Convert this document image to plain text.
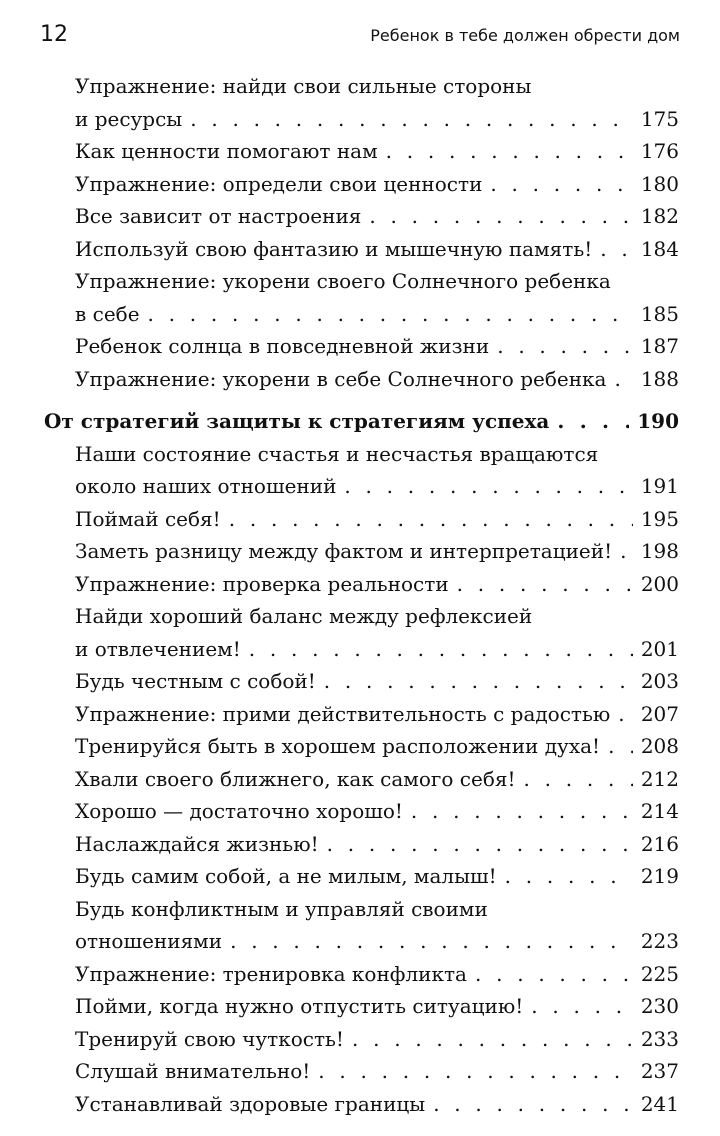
12	Ребенок в тебе должен обрести дом
Упражнение: найди свои сильные стороны
и ресурсы . . .	175
Как ценности помогают нам . . .	176
Упражнение: определи свои ценности . . .	180
Все зависит от настроения . . .	182
Используй свою фантазию и мышечную память! . . . 184
Упражнение: укорени своего Солнечного ребенка
в себе . . .	185
Ребенок солнца в повседневной жизни . . .	187
Упражнение: укорени в себе Солнечного ребенка . . . 188
От стратегий защиты к стратегиям успеха . . .	190
Наши состояние счастья и несчастья вращаются
около наших отношений . . .	191
Поймай себя! . . .	195
Заметь разницу между фактом и интерпретацией! . . . 198
Упражнение: проверка реальности . . .	200
Найди хороший баланс между рефлексией
и отвлечением! . . .	201
Будь честным с собой! . . .	203
Упражнение: прими действительность с радостью . . . 207
Тренируйся быть в хорошем расположении духа! . . . 208
Хвали своего ближнего, как самого себя! . . .	212
Хорошо — достаточно хорошо! . . .	214
Наслаждайся жизнью! . . .	216
Будь самим собой, а не милым, малыш! . . .	219
Будь конфликтным и управляй своими
отношениями . . .	223
Упражнение: тренировка конфликта . . .	225
Пойми, когда нужно отпустить ситуацию! . . .	230
Тренируй свою чуткость! . . .	233
Слушай внимательно! . . .	237
Устанавливай здоровые границы . . .	241
